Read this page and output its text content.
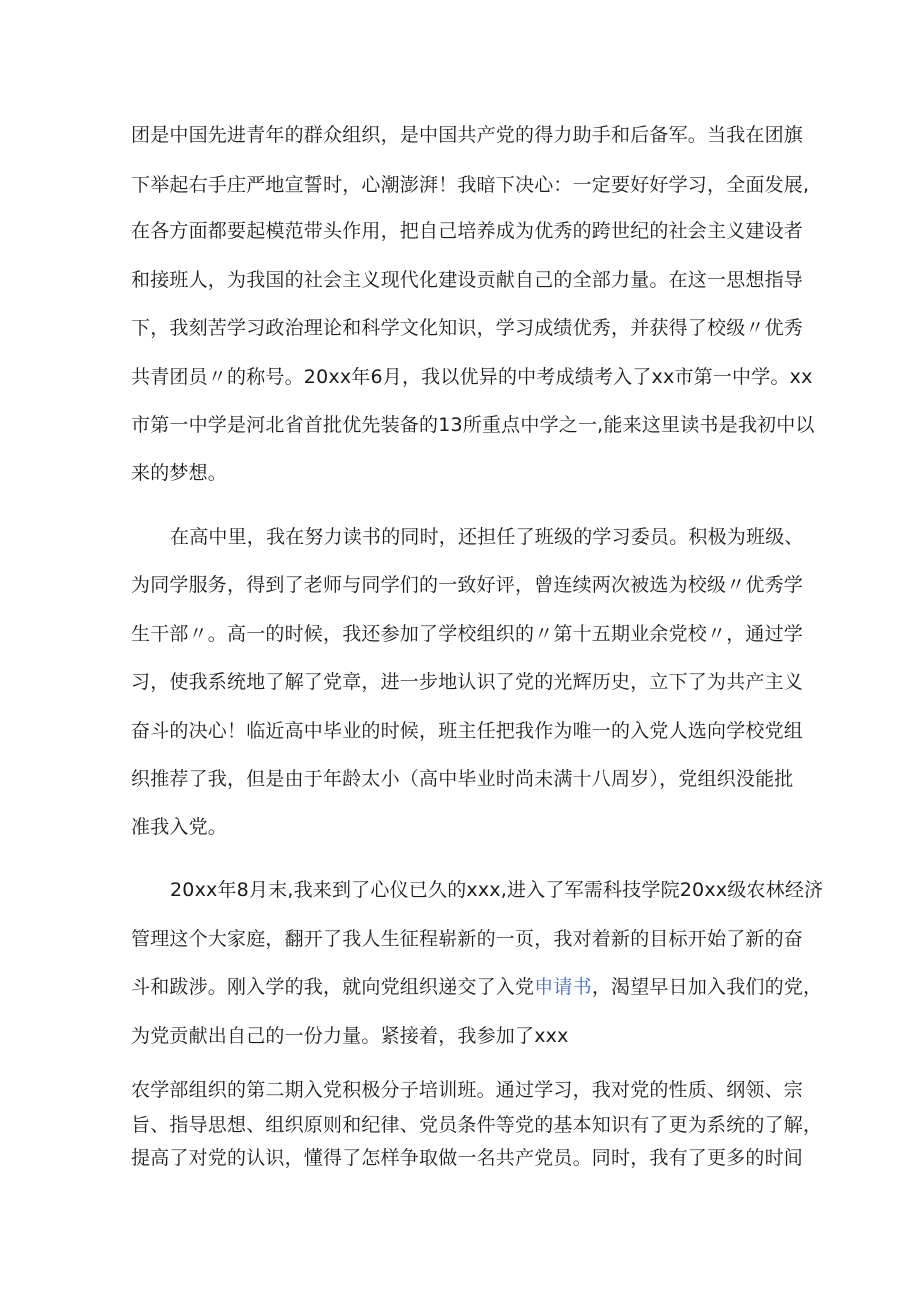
团是中国先进青年的群众组织，是中国共产党的得力助手和后备军。当我在团旗
下举起右手庄严地宣誓时，心潮澎湃！我暗下决心：一定要好好学习，全面发展,
在各方面都要起模范带头作用，把自己培养成为优秀的跨世纪的社会主义建设者
和接班人，为我国的社会主义现代化建设贡献自己的全部力量。在这一思想指导
下，我刻苦学习政治理论和科学文化知识，学习成绩优秀，并获得了校级〃优秀
共青团员〃的称号。20xx年6月，我以优异的中考成绩考入了xx市第一中学。xx
市第一中学是河北省首批优先装备的13所重点中学之一,能来这里读书是我初中以
来的梦想。
在高中里，我在努力读书的同时，还担任了班级的学习委员。积极为班级、
为同学服务，得到了老师与同学们的一致好评，曾连续两次被选为校级〃优秀学
生干部〃。高一的时候，我还参加了学校组织的〃第十五期业余党校〃，通过学
习，使我系统地了解了党章，进一步地认识了党的光辉历史，立下了为共产主义
奋斗的决心！临近高中毕业的时候，班主任把我作为唯一的入党人选向学校党组
织推荐了我，但是由于年龄太小（高中毕业时尚未满十八周岁），党组织没能批
准我入党。
20xx年8月末,我来到了心仪已久的xxx,进入了军需科技学院20xx级农林经济
管理这个大家庭，翻开了我人生征程崭新的一页，我对着新的目标开始了新的奋
斗和跋涉。刚入学的我，就向党组织递交了入党申请书，渴望早日加入我们的党，
为党贡献出自己的一份力量。紧接着，我参加了xxx
农学部组织的第二期入党积极分子培训班。通过学习，我对党的性质、纲领、宗
旨、指导思想、组织原则和纪律、党员条件等党的基本知识有了更为系统的了解，
提高了对党的认识，懂得了怎样争取做一名共产党员。同时，我有了更多的时间
